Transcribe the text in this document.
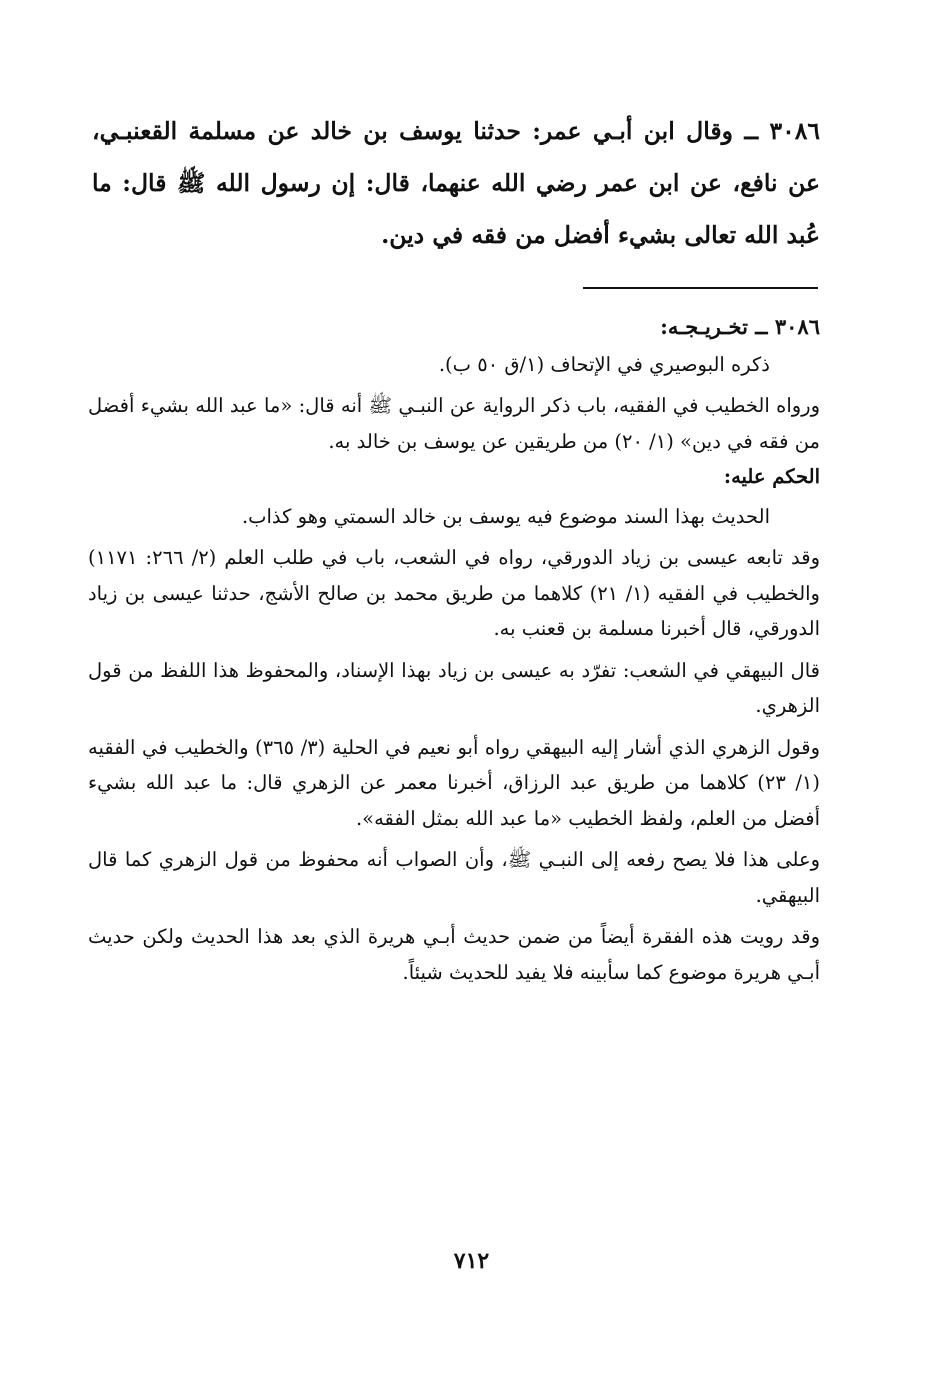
٣٠٨٦ ــ وقال ابن أبـي عمر: حدثنا يوسف بن خالد عن مسلمة القعنبـي، عن نافع، عن ابن عمر رضي الله عنهما، قال: إن رسول الله ﷺ قال: ما عُبد الله تعالى بشيء أفضل من فقه في دين.

٣٠٨٦ ــ تخـريـجـه:

ذكره البوصيري في الإتحاف (١/ق ٥٠ ب).

ورواه الخطيب في الفقيه، باب ذكر الرواية عن النبـي ﷺ أنه قال: «ما عبد الله بشيء أفضل من فقه في دين» (١/ ٢٠) من طريقين عن يوسف بن خالد به.

الحكم عليه:

الحديث بهذا السند موضوع فيه يوسف بن خالد السمتي وهو كذاب.

وقد تابعه عيسى بن زياد الدورقي، رواه في الشعب، باب في طلب العلم (٢/ ٢٦٦: ١١٧١) والخطيب في الفقيه (١/ ٢١) كلاهما من طريق محمد بن صالح الأشج، حدثنا عيسى بن زياد الدورقي، قال أخبرنا مسلمة بن قعنب به.

قال البيهقي في الشعب: تفرّد به عيسى بن زياد بهذا الإسناد، والمحفوظ هذا اللفظ من قول الزهري.

وقول الزهري الذي أشار إليه البيهقي رواه أبو نعيم في الحلية (٣/ ٣٦٥) والخطيب في الفقيه (١/ ٢٣) كلاهما من طريق عبد الرزاق، أخبرنا معمر عن الزهري قال: ما عبد الله بشيء أفضل من العلم، ولفظ الخطيب «ما عبد الله بمثل الفقه».

وعلى هذا فلا يصح رفعه إلى النبـي ﷺ، وأن الصواب أنه محفوظ من قول الزهري كما قال البيهقي.

وقد رويت هذه الفقرة أيضاً من ضمن حديث أبـي هريرة الذي بعد هذا الحديث ولكن حديث أبـي هريرة موضوع كما سأبينه فلا يفيد للحديث شيئاً.

٧١٢
